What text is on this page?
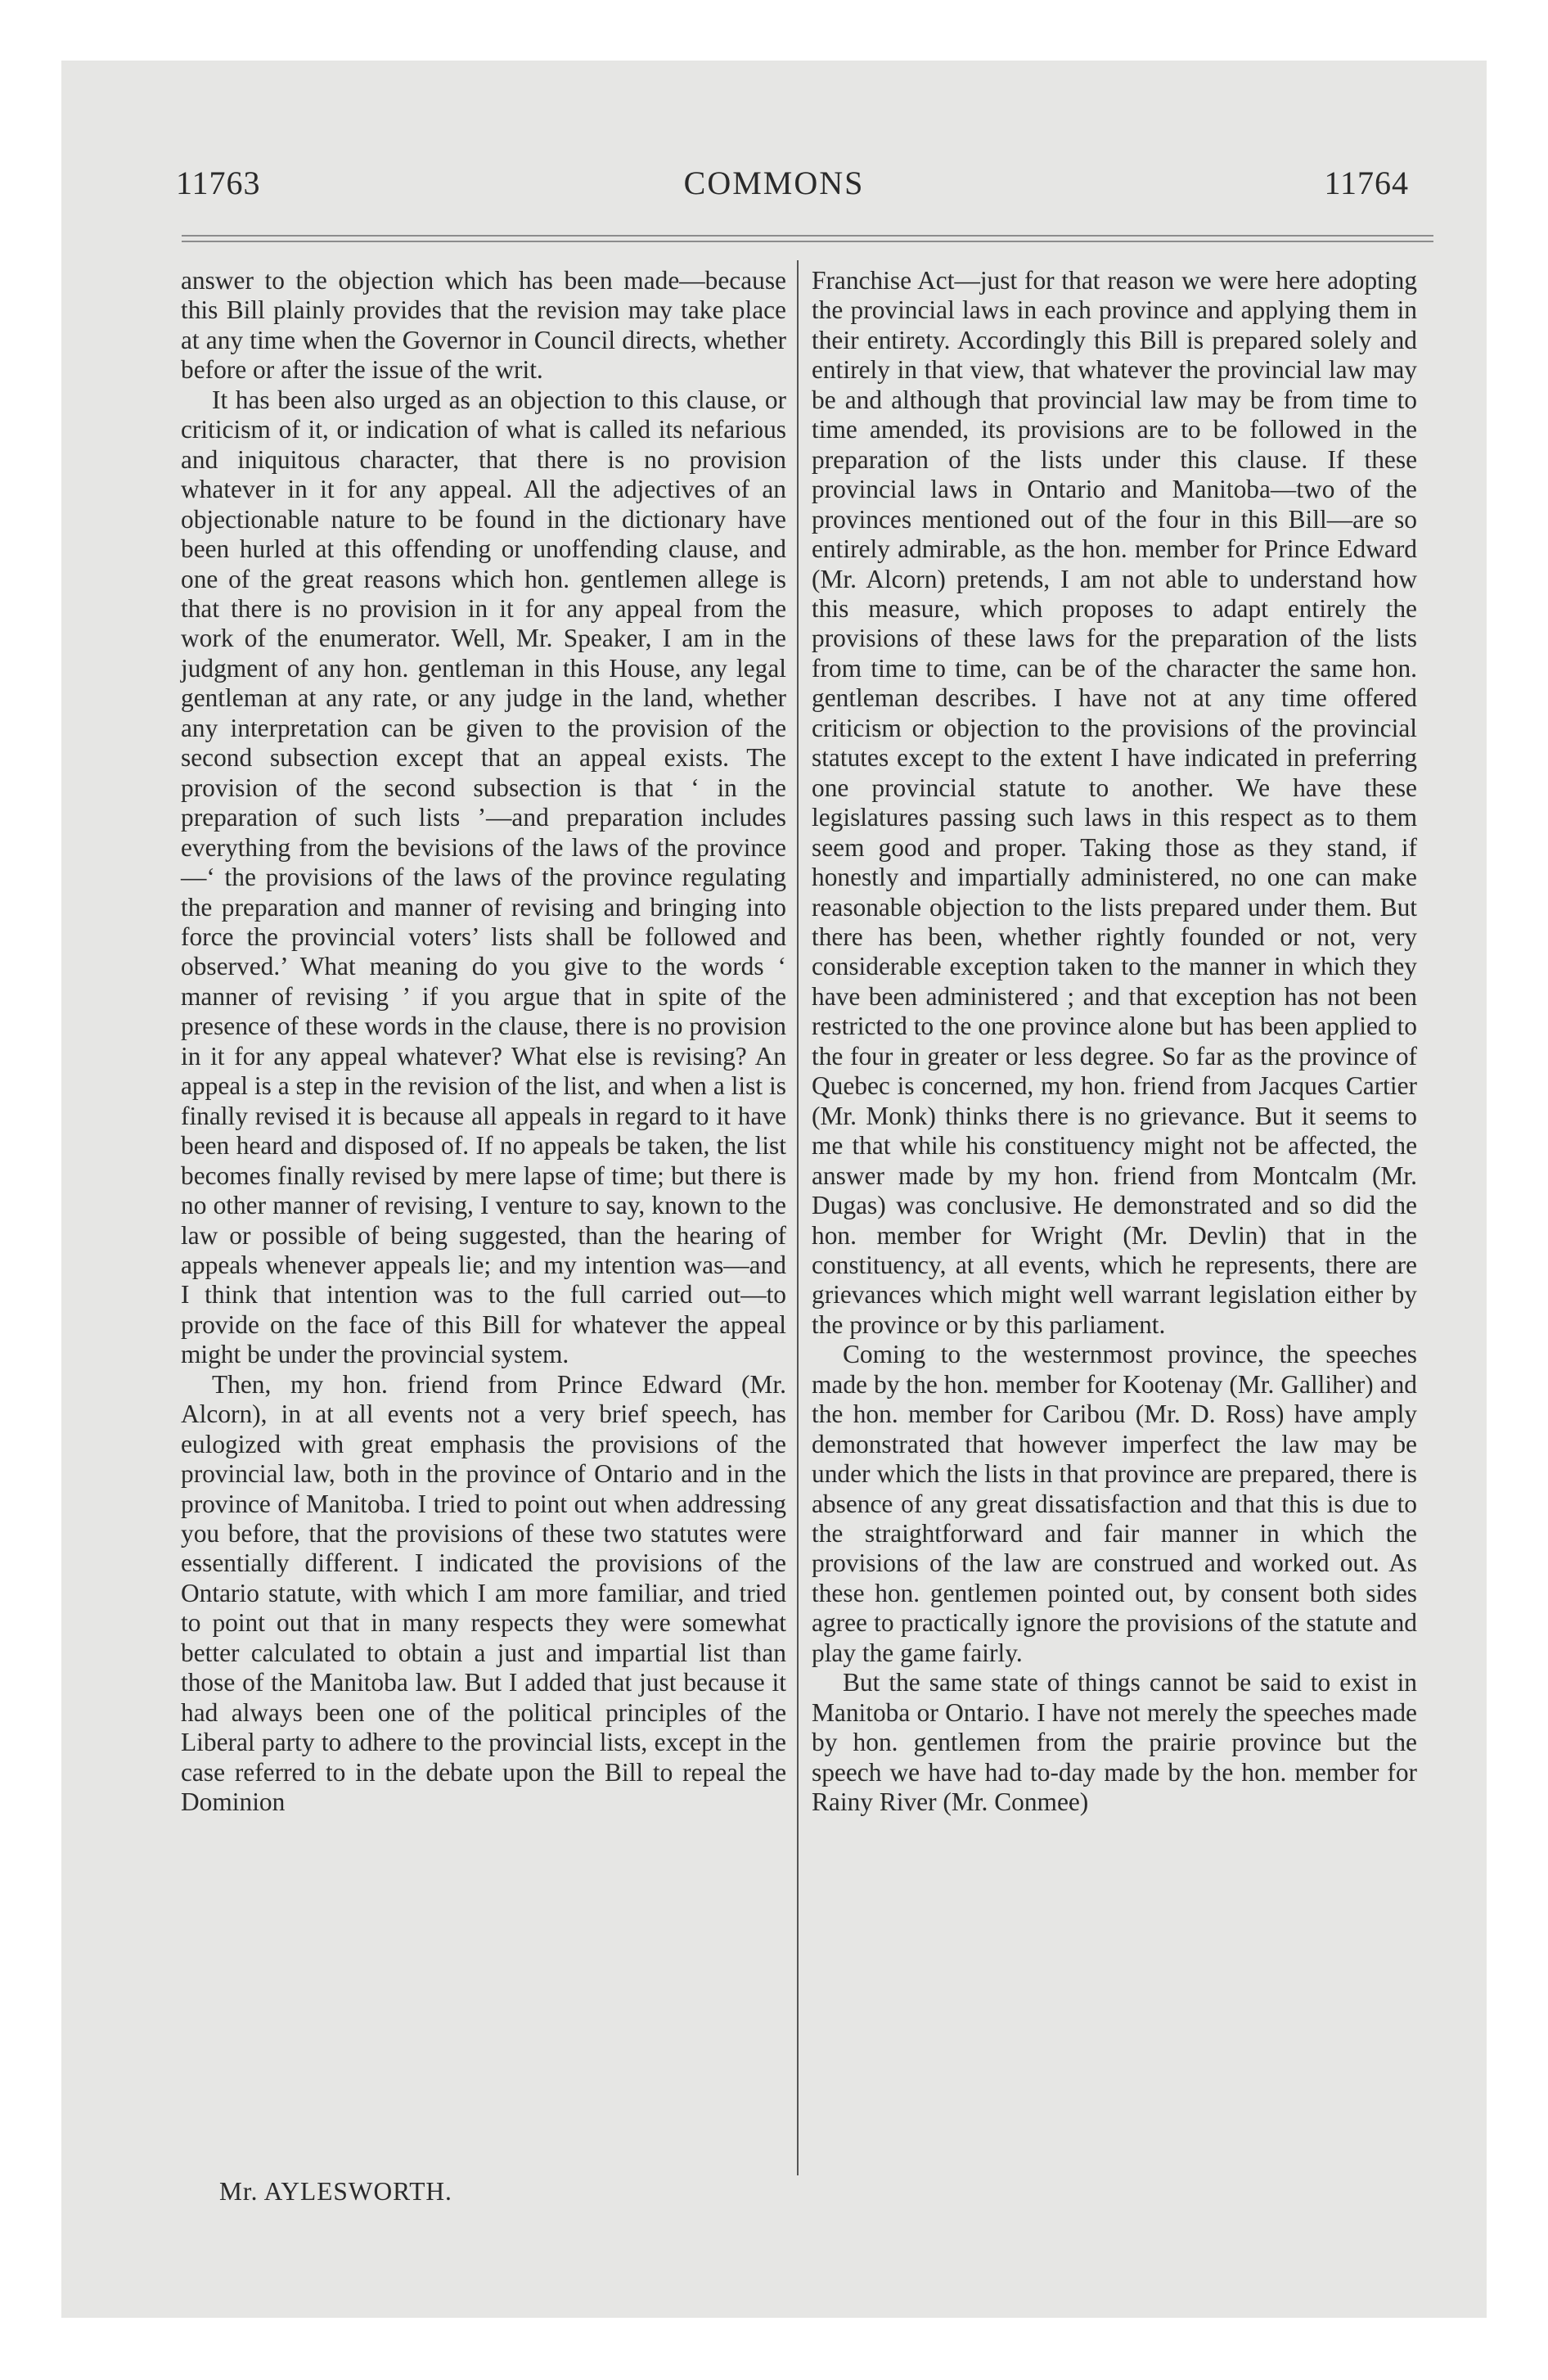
11763	COMMONS	11764

answer to the objection which has been made—because this Bill plainly provides that the revision may take place at any time when the Governor in Council directs, whether before or after the issue of the writ.

It has been also urged as an objection to this clause, or criticism of it, or indication of what is called its nefarious and iniquitous character, that there is no provision whatever in it for any appeal. All the adjectives of an objectionable nature to be found in the dictionary have been hurled at this offending or unoffending clause, and one of the great reasons which hon. gentlemen allege is that there is no provision in it for any appeal from the work of the enumerator. Well, Mr. Speaker, I am in the judgment of any hon. gentleman in this House, any legal gentleman at any rate, or any judge in the land, whether any interpretation can be given to the provision of the second subsection except that an appeal exists. The provision of the second subsection is that ‘ in the preparation of such lists ’—and preparation includes everything from the bevisions of the laws of the province—‘ the provisions of the laws of the province regulating the preparation and manner of revising and bringing into force the provincial voters’ lists shall be followed and observed.’ What meaning do you give to the words ‘ manner of revising ’ if you argue that in spite of the presence of these words in the clause, there is no provision in it for any appeal whatever? What else is revising? An appeal is a step in the revision of the list, and when a list is finally revised it is because all appeals in regard to it have been heard and disposed of. If no appeals be taken, the list becomes finally revised by mere lapse of time; but there is no other manner of revising, I venture to say, known to the law or possible of being suggested, than the hearing of appeals whenever appeals lie; and my intention was—and I think that intention was to the full carried out—to provide on the face of this Bill for whatever the appeal might be under the provincial system.

Then, my hon. friend from Prince Edward (Mr. Alcorn), in at all events not a very brief speech, has eulogized with great emphasis the provisions of the provincial law, both in the province of Ontario and in the province of Manitoba. I tried to point out when addressing you before, that the provisions of these two statutes were essentially different. I indicated the provisions of the Ontario statute, with which I am more familiar, and tried to point out that in many respects they were somewhat better calculated to obtain a just and impartial list than those of the Manitoba law. But I added that just because it had always been one of the political principles of the Liberal party to adhere to the provincial lists, except in the case referred to in the debate upon the Bill to repeal the Dominion

Franchise Act—just for that reason we were here adopting the provincial laws in each province and applying them in their entirety. Accordingly this Bill is prepared solely and entirely in that view, that whatever the provincial law may be and although that provincial law may be from time to time amended, its provisions are to be followed in the preparation of the lists under this clause. If these provincial laws in Ontario and Manitoba—two of the provinces mentioned out of the four in this Bill—are so entirely admirable, as the hon. member for Prince Edward (Mr. Alcorn) pretends, I am not able to understand how this measure, which proposes to adapt entirely the provisions of these laws for the preparation of the lists from time to time, can be of the character the same hon. gentleman describes. I have not at any time offered criticism or objection to the provisions of the provincial statutes except to the extent I have indicated in preferring one provincial statute to another. We have these legislatures passing such laws in this respect as to them seem good and proper. Taking those as they stand, if honestly and impartially administered, no one can make reasonable objection to the lists prepared under them. But there has been, whether rightly founded or not, very considerable exception taken to the manner in which they have been administered ; and that exception has not been restricted to the one province alone but has been applied to the four in greater or less degree. So far as the province of Quebec is concerned, my hon. friend from Jacques Cartier (Mr. Monk) thinks there is no grievance. But it seems to me that while his constituency might not be affected, the answer made by my hon. friend from Montcalm (Mr. Dugas) was conclusive. He demonstrated and so did the hon. member for Wright (Mr. Devlin) that in the constituency, at all events, which he represents, there are grievances which might well warrant legislation either by the province or by this parliament.

Coming to the westernmost province, the speeches made by the hon. member for Kootenay (Mr. Galliher) and the hon. member for Caribou (Mr. D. Ross) have amply demonstrated that however imperfect the law may be under which the lists in that province are prepared, there is absence of any great dissatisfaction and that this is due to the straightforward and fair manner in which the provisions of the law are construed and worked out. As these hon. gentlemen pointed out, by consent both sides agree to practically ignore the provisions of the statute and play the game fairly.

But the same state of things cannot be said to exist in Manitoba or Ontario. I have not merely the speeches made by hon. gentlemen from the prairie province but the speech we have had to-day made by the hon. member for Rainy River (Mr. Conmee)

Mr. AYLESWORTH.
